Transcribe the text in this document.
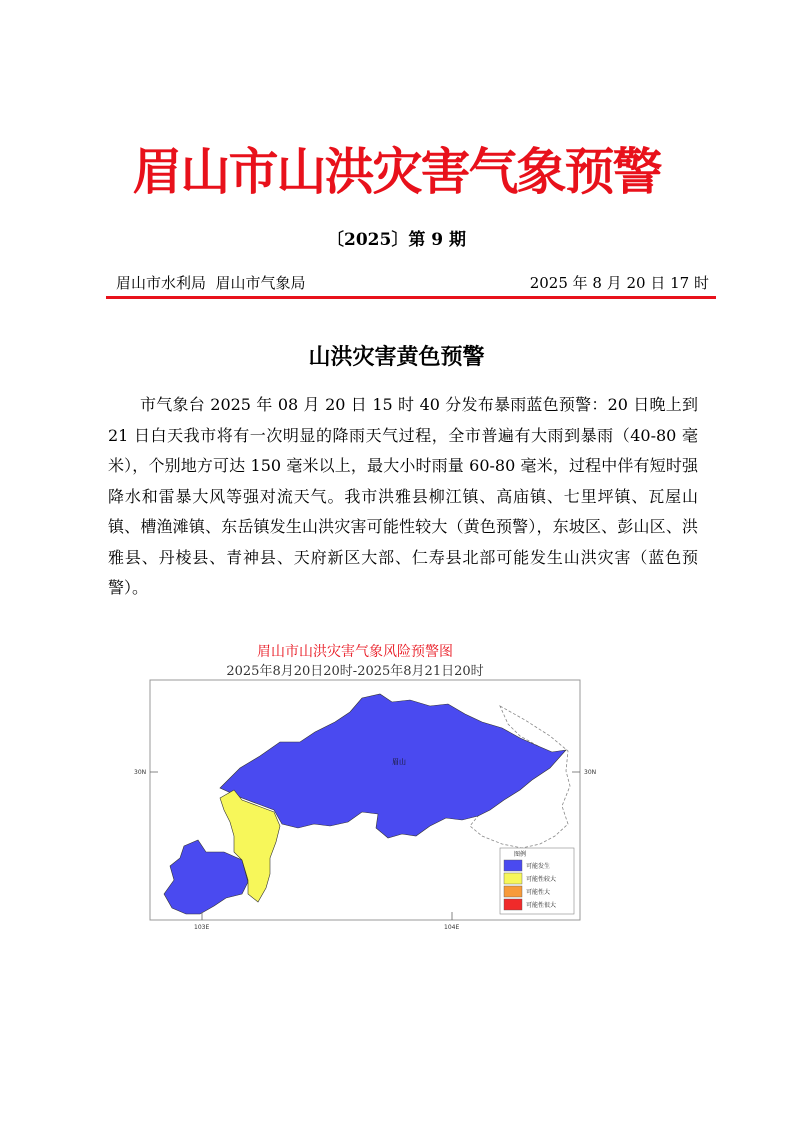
眉山市山洪灾害气象预警
〔2025〕第 9 期
眉山市水利局  眉山市气象局	2025 年 8 月 20 日 17 时
山洪灾害黄色预警
市气象台 2025 年 08 月 20 日 15 时 40 分发布暴雨蓝色预警：20 日晚上到 21 日白天我市将有一次明显的降雨天气过程，全市普遍有大雨到暴雨（40-80 毫米），个别地方可达 150 毫米以上，最大小时雨量 60-80 毫米，过程中伴有短时强降水和雷暴大风等强对流天气。我市洪雅县柳江镇、高庙镇、七里坪镇、瓦屋山镇、槽渔滩镇、东岳镇发生山洪灾害可能性较大（黄色预警），东坡区、彭山区、洪雅县、丹棱县、青神县、天府新区大部、仁寿县北部可能发生山洪灾害（蓝色预警）。
眉山市山洪灾害气象风险预警图
2025年8月20日20时-2025年8月21日20时
眉山
30N	30N
103E	104E
图例
可能发生
可能性较大
可能性大
可能性很大
